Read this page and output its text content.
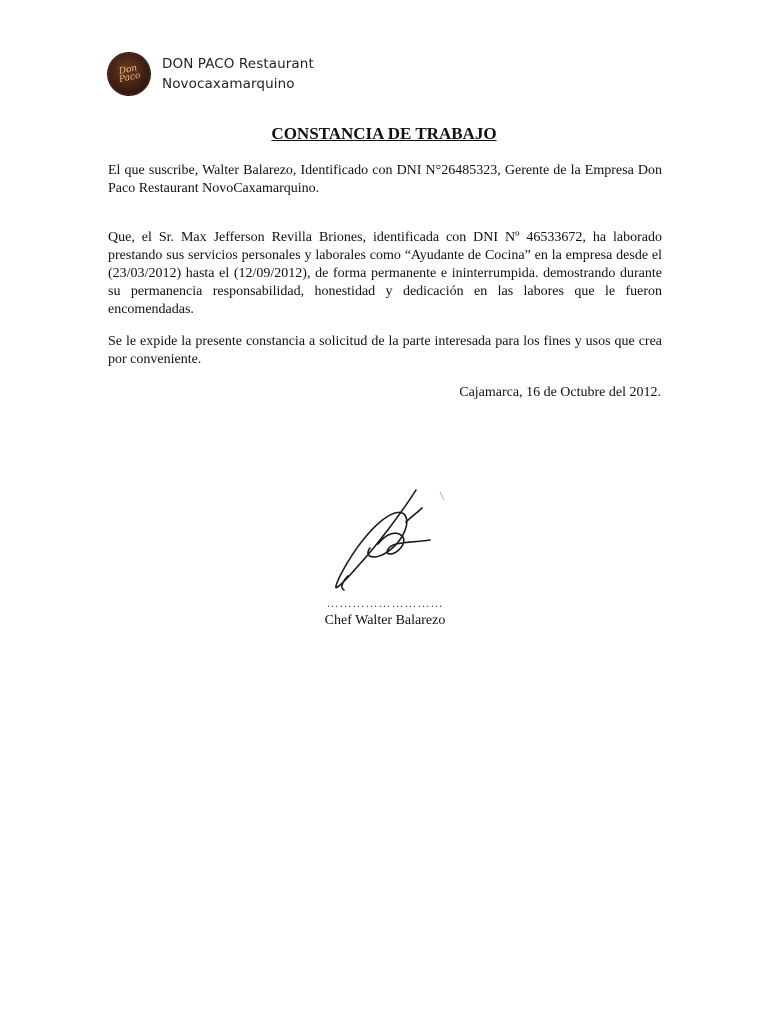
Don Paco
DON PACO Restaurant
Novocaxamarquino
CONSTANCIA DE TRABAJO

El que suscribe, Walter Balarezo, Identificado con DNI N°26485323, Gerente de la Empresa Don Paco Restaurant NovoCaxamarquino.

Que, el Sr. Max Jefferson Revilla Briones, identificada con DNI Nº 46533672, ha laborado prestando sus servicios personales y laborales como “Ayudante de Cocina” en la empresa desde el (23/03/2012) hasta el (12/09/2012), de forma permanente e ininterrumpida. demostrando durante su permanencia responsabilidad, honestidad y dedicación en las labores que le fueron encomendadas.

Se le expide la presente constancia a solicitud de la parte interesada para los fines y usos que crea por conveniente.

Cajamarca, 16 de Octubre del 2012.
………………………
Chef Walter Balarezo
